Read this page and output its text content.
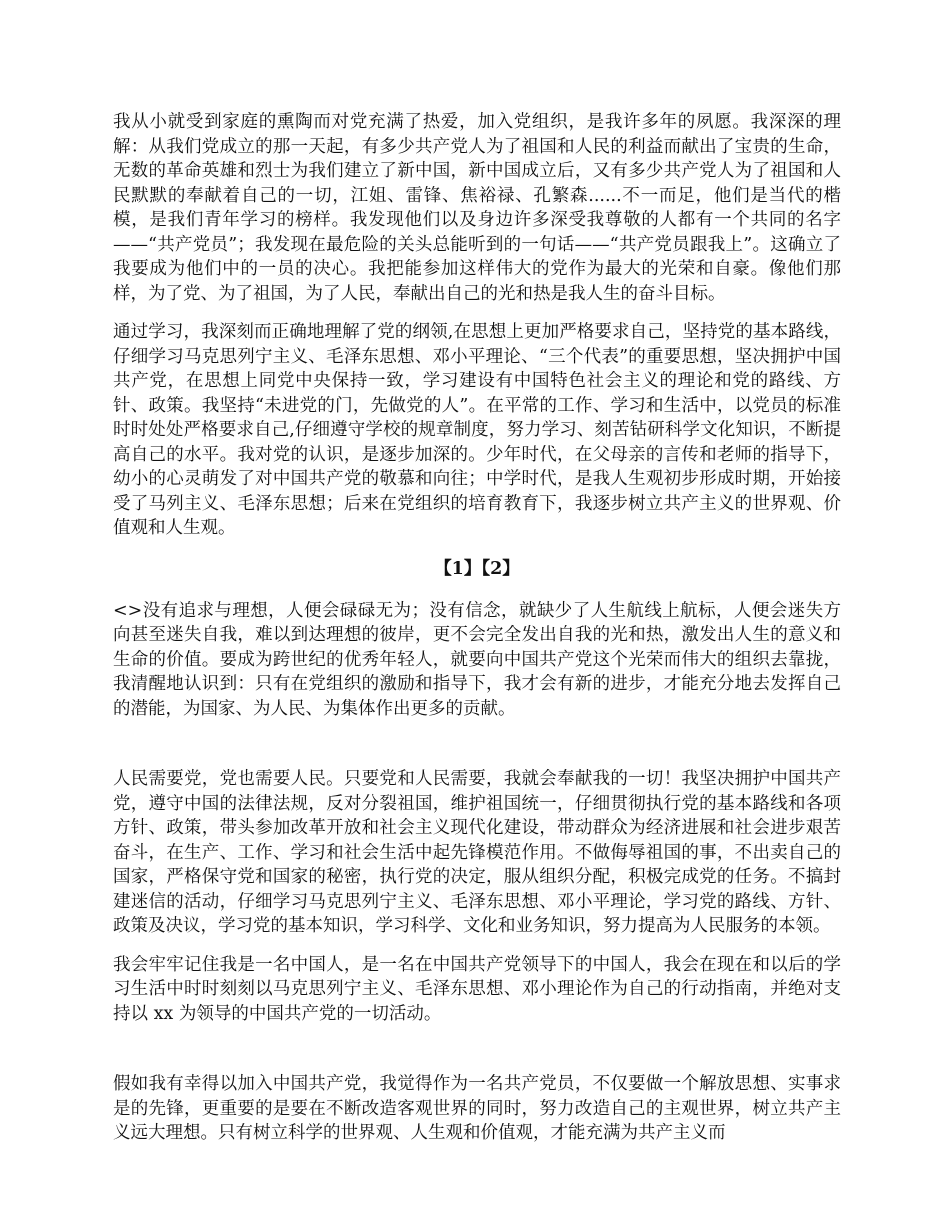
我从小就受到家庭的熏陶而对党充满了热爱，加入党组织，是我许多年的夙愿。我深深的理解：从我们党成立的那一天起，有多少共产党人为了祖国和人民的利益而献出了宝贵的生命，无数的革命英雄和烈士为我们建立了新中国，新中国成立后，又有多少共产党人为了祖国和人民默默的奉献着自己的一切，江姐、雷锋、焦裕禄、孔繁森......不一而足，他们是当代的楷模，是我们青年学习的榜样。我发现他们以及身边许多深受我尊敬的人都有一个共同的名字——“共产党员”；我发现在最危险的关头总能听到的一句话——“共产党员跟我上”。这确立了我要成为他们中的一员的决心。我把能参加这样伟大的党作为最大的光荣和自豪。像他们那样，为了党、为了祖国，为了人民，奉献出自己的光和热是我人生的奋斗目标。

通过学习，我深刻而正确地理解了党的纲领,在思想上更加严格要求自己，坚持党的基本路线，仔细学习马克思列宁主义、毛泽东思想、邓小平理论、“三个代表”的重要思想，坚决拥护中国共产党，在思想上同党中央保持一致，学习建设有中国特色社会主义的理论和党的路线、方针、政策。我坚持“未进党的门，先做党的人”。在平常的工作、学习和生活中，以党员的标准时时处处严格要求自己,仔细遵守学校的规章制度，努力学习、刻苦钻研科学文化知识，不断提高自己的水平。我对党的认识，是逐步加深的。少年时代，在父母亲的言传和老师的指导下，幼小的心灵萌发了对中国共产党的敬慕和向往；中学时代，是我人生观初步形成时期，开始接受了马列主义、毛泽东思想；后来在党组织的培育教育下，我逐步树立共产主义的世界观、价值观和人生观。

【1】【2】

<>没有追求与理想，人便会碌碌无为；没有信念，就缺少了人生航线上航标，人便会迷失方向甚至迷失自我，难以到达理想的彼岸，更不会完全发出自我的光和热，激发出人生的意义和生命的价值。要成为跨世纪的优秀年轻人，就要向中国共产党这个光荣而伟大的组织去靠拢，我清醒地认识到：只有在党组织的激励和指导下，我才会有新的进步，才能充分地去发挥自己的潜能，为国家、为人民、为集体作出更多的贡献。

人民需要党，党也需要人民。只要党和人民需要，我就会奉献我的一切！我坚决拥护中国共产党，遵守中国的法律法规，反对分裂祖国，维护祖国统一，仔细贯彻执行党的基本路线和各项方针、政策，带头参加改革开放和社会主义现代化建设，带动群众为经济进展和社会进步艰苦奋斗，在生产、工作、学习和社会生活中起先锋模范作用。不做侮辱祖国的事，不出卖自己的国家，严格保守党和国家的秘密，执行党的决定，服从组织分配，积极完成党的任务。不搞封建迷信的活动，仔细学习马克思列宁主义、毛泽东思想、邓小平理论，学习党的路线、方针、政策及决议，学习党的基本知识，学习科学、文化和业务知识，努力提高为人民服务的本领。

我会牢牢记住我是一名中国人，是一名在中国共产党领导下的中国人，我会在现在和以后的学习生活中时时刻刻以马克思列宁主义、毛泽东思想、邓小理论作为自己的行动指南，并绝对支持以 xx 为领导的中国共产党的一切活动。

假如我有幸得以加入中国共产党，我觉得作为一名共产党员，不仅要做一个解放思想、实事求是的先锋，更重要的是要在不断改造客观世界的同时，努力改造自己的主观世界，树立共产主义远大理想。只有树立科学的世界观、人生观和价值观，才能充满为共产主义而
